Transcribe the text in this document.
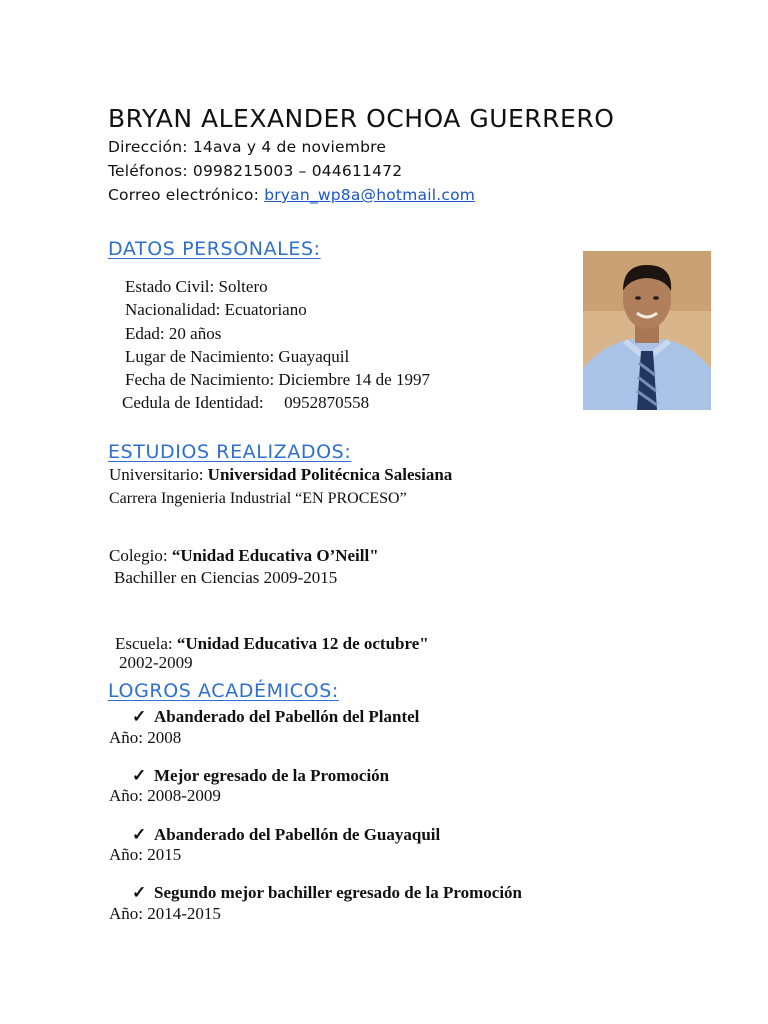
BRYAN ALEXANDER OCHOA GUERRERO
Dirección: 14ava y 4 de noviembre
Teléfonos: 0998215003 – 044611472
Correo electrónico: bryan_wp8a@hotmail.com
DATOS PERSONALES:
Estado Civil: Soltero
Nacionalidad: Ecuatoriano
Edad: 20 años
Lugar de Nacimiento: Guayaquil
Fecha de Nacimiento: Diciembre 14 de 1997
Cedula de Identidad: 0952870558
ESTUDIOS REALIZADOS:
Universitario: Universidad Politécnica Salesiana
Carrera Ingenieria Industrial “EN PROCESO”
Colegio: “Unidad Educativa O’Neill"
Bachiller en Ciencias 2009-2015
Escuela: “Unidad Educativa 12 de octubre"
2002-2009
LOGROS ACADÉMICOS:
✓ Abanderado del Pabellón del Plantel
Año: 2008
✓ Mejor egresado de la Promoción
Año: 2008-2009
✓ Abanderado del Pabellón de Guayaquil
Año: 2015
✓ Segundo mejor bachiller egresado de la Promoción
Año: 2014-2015
